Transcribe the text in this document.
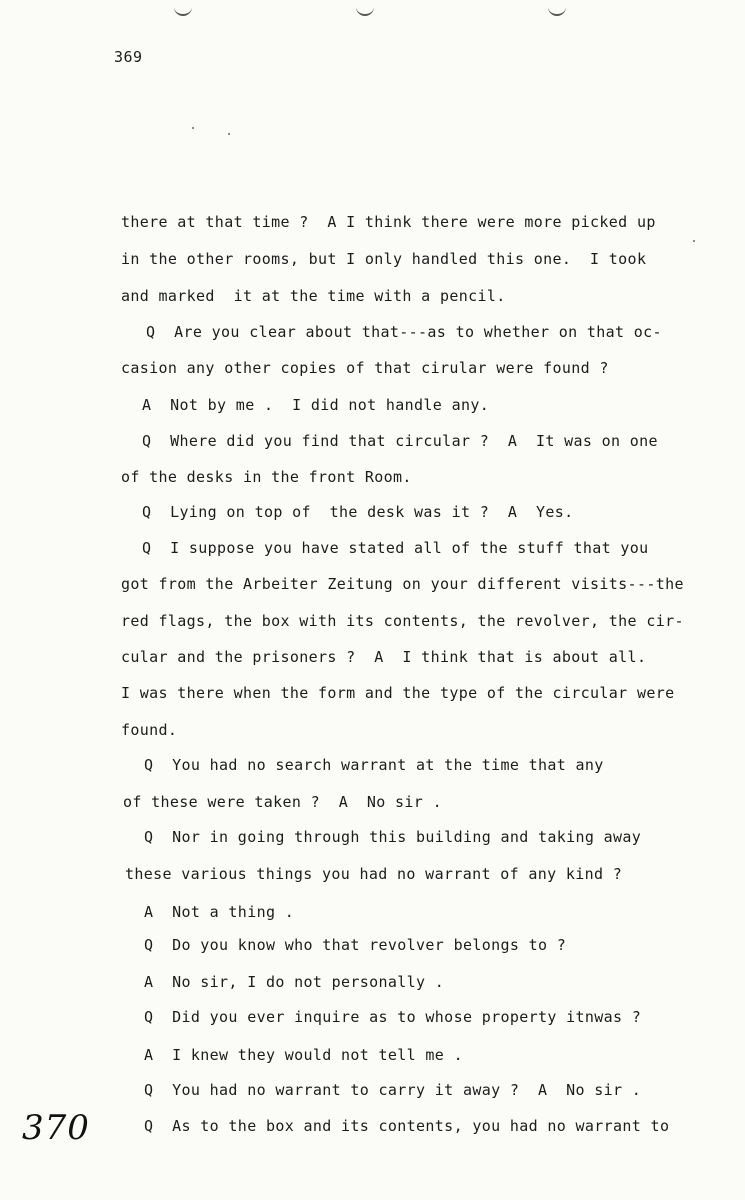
369
370
there at that time ?  A I think there were more picked up
in the other rooms, but I only handled this one.  I took
and marked  it at the time with a pencil.
Q  Are you clear about that---as to whether on that oc-
casion any other copies of that cirular were found ?
A  Not by me .  I did not handle any.
Q  Where did you find that circular ?  A  It was on one
of the desks in the front Room.
Q  Lying on top of  the desk was it ?  A  Yes.
Q  I suppose you have stated all of the stuff that you
got from the Arbeiter Zeitung on your different visits---the
red flags, the box with its contents, the revolver, the cir-
cular and the prisoners ?  A  I think that is about all.
I was there when the form and the type of the circular were
found.
Q  You had no search warrant at the time that any
of these were taken ?  A  No sir .
Q  Nor in going through this building and taking away
these various things you had no warrant of any kind ?
A  Not a thing .
Q  Do you know who that revolver belongs to ?
A  No sir, I do not personally .
Q  Did you ever inquire as to whose property itnwas ?
A  I knew they would not tell me .
Q  You had no warrant to carry it away ?  A  No sir .
Q  As to the box and its contents, you had no warrant to
